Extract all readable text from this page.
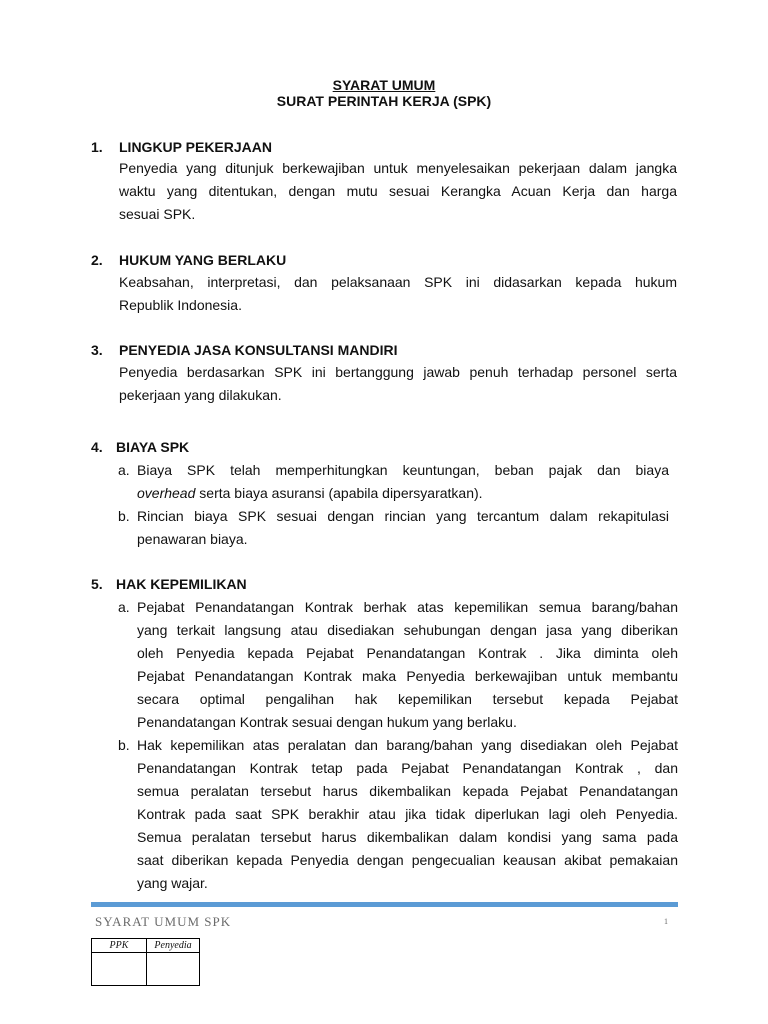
SYARAT UMUM
SURAT PERINTAH KERJA (SPK)
1. LINGKUP PEKERJAAN
Penyedia yang ditunjuk berkewajiban untuk menyelesaikan pekerjaan dalam jangka
waktu yang ditentukan, dengan mutu sesuai Kerangka Acuan Kerja dan harga
sesuai SPK.
2. HUKUM YANG BERLAKU
Keabsahan, interpretasi, dan pelaksanaan SPK ini didasarkan kepada hukum
Republik Indonesia.
3. PENYEDIA JASA KONSULTANSI MANDIRI
Penyedia berdasarkan SPK ini bertanggung jawab penuh terhadap personel serta
pekerjaan yang dilakukan.
4. BIAYA SPK
a. Biaya SPK telah memperhitungkan keuntungan, beban pajak dan biaya
overhead serta biaya asuransi (apabila dipersyaratkan).
b. Rincian biaya SPK sesuai dengan rincian yang tercantum dalam rekapitulasi
penawaran biaya.
5. HAK KEPEMILIKAN
a. Pejabat Penandatangan Kontrak berhak atas kepemilikan semua barang/bahan
yang terkait langsung atau disediakan sehubungan dengan jasa yang diberikan
oleh Penyedia kepada Pejabat Penandatangan Kontrak . Jika diminta oleh
Pejabat Penandatangan Kontrak maka Penyedia berkewajiban untuk membantu
secara optimal pengalihan hak kepemilikan tersebut kepada Pejabat
Penandatangan Kontrak sesuai dengan hukum yang berlaku.
b. Hak kepemilikan atas peralatan dan barang/bahan yang disediakan oleh Pejabat
Penandatangan Kontrak tetap pada Pejabat Penandatangan Kontrak , dan
semua peralatan tersebut harus dikembalikan kepada Pejabat Penandatangan
Kontrak pada saat SPK berakhir atau jika tidak diperlukan lagi oleh Penyedia.
Semua peralatan tersebut harus dikembalikan dalam kondisi yang sama pada
saat diberikan kepada Penyedia dengan pengecualian keausan akibat pemakaian
yang wajar.
SYARAT UMUM SPK	1
PPK	Penyedia
